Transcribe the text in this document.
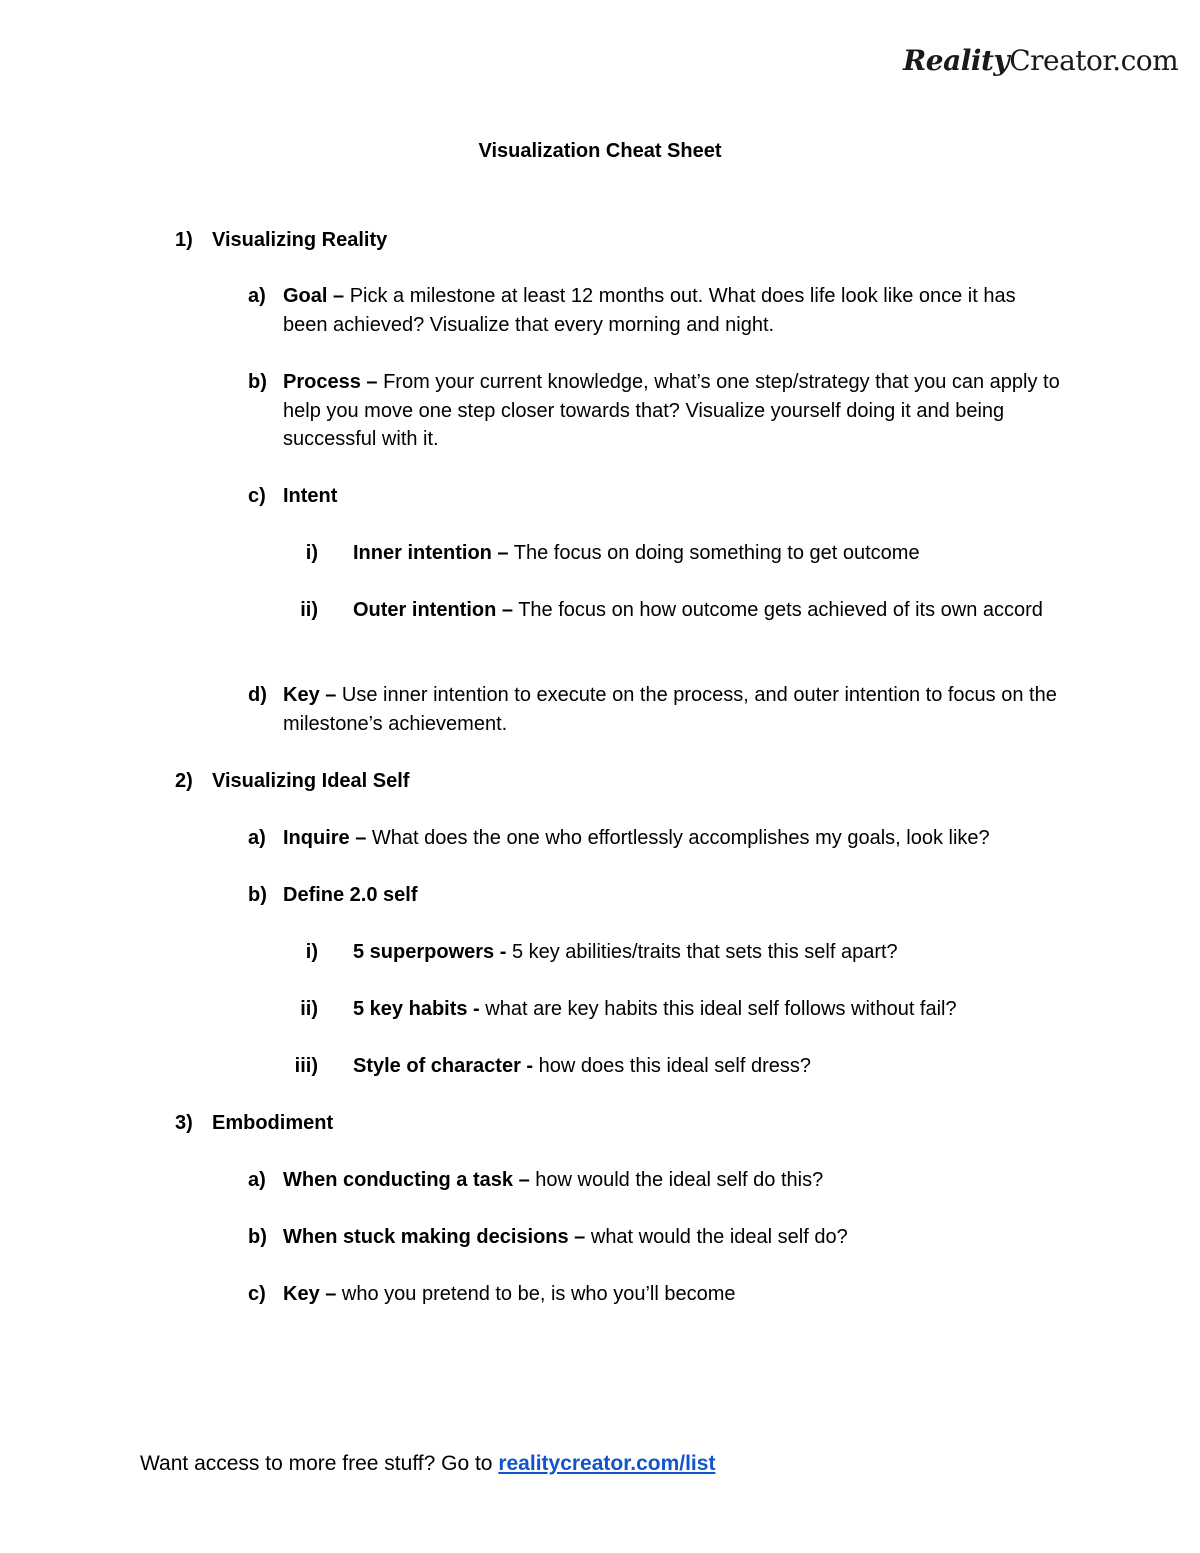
RealityCreator.com
Visualization Cheat Sheet
1) Visualizing Reality
a) Goal – Pick a milestone at least 12 months out. What does life look like once it has been achieved? Visualize that every morning and night.
b) Process – From your current knowledge, what’s one step/strategy that you can apply to help you move one step closer towards that? Visualize yourself doing it and being successful with it.
c) Intent
i) Inner intention – The focus on doing something to get outcome
ii) Outer intention – The focus on how outcome gets achieved of its own accord
d) Key – Use inner intention to execute on the process, and outer intention to focus on the milestone’s achievement.
2) Visualizing Ideal Self
a) Inquire – What does the one who effortlessly accomplishes my goals, look like?
b) Define 2.0 self
i) 5 superpowers - 5 key abilities/traits that sets this self apart?
ii) 5 key habits - what are key habits this ideal self follows without fail?
iii) Style of character - how does this ideal self dress?
3) Embodiment
a) When conducting a task – how would the ideal self do this?
b) When stuck making decisions – what would the ideal self do?
c) Key – who you pretend to be, is who you’ll become
Want access to more free stuff? Go to realitycreator.com/list
